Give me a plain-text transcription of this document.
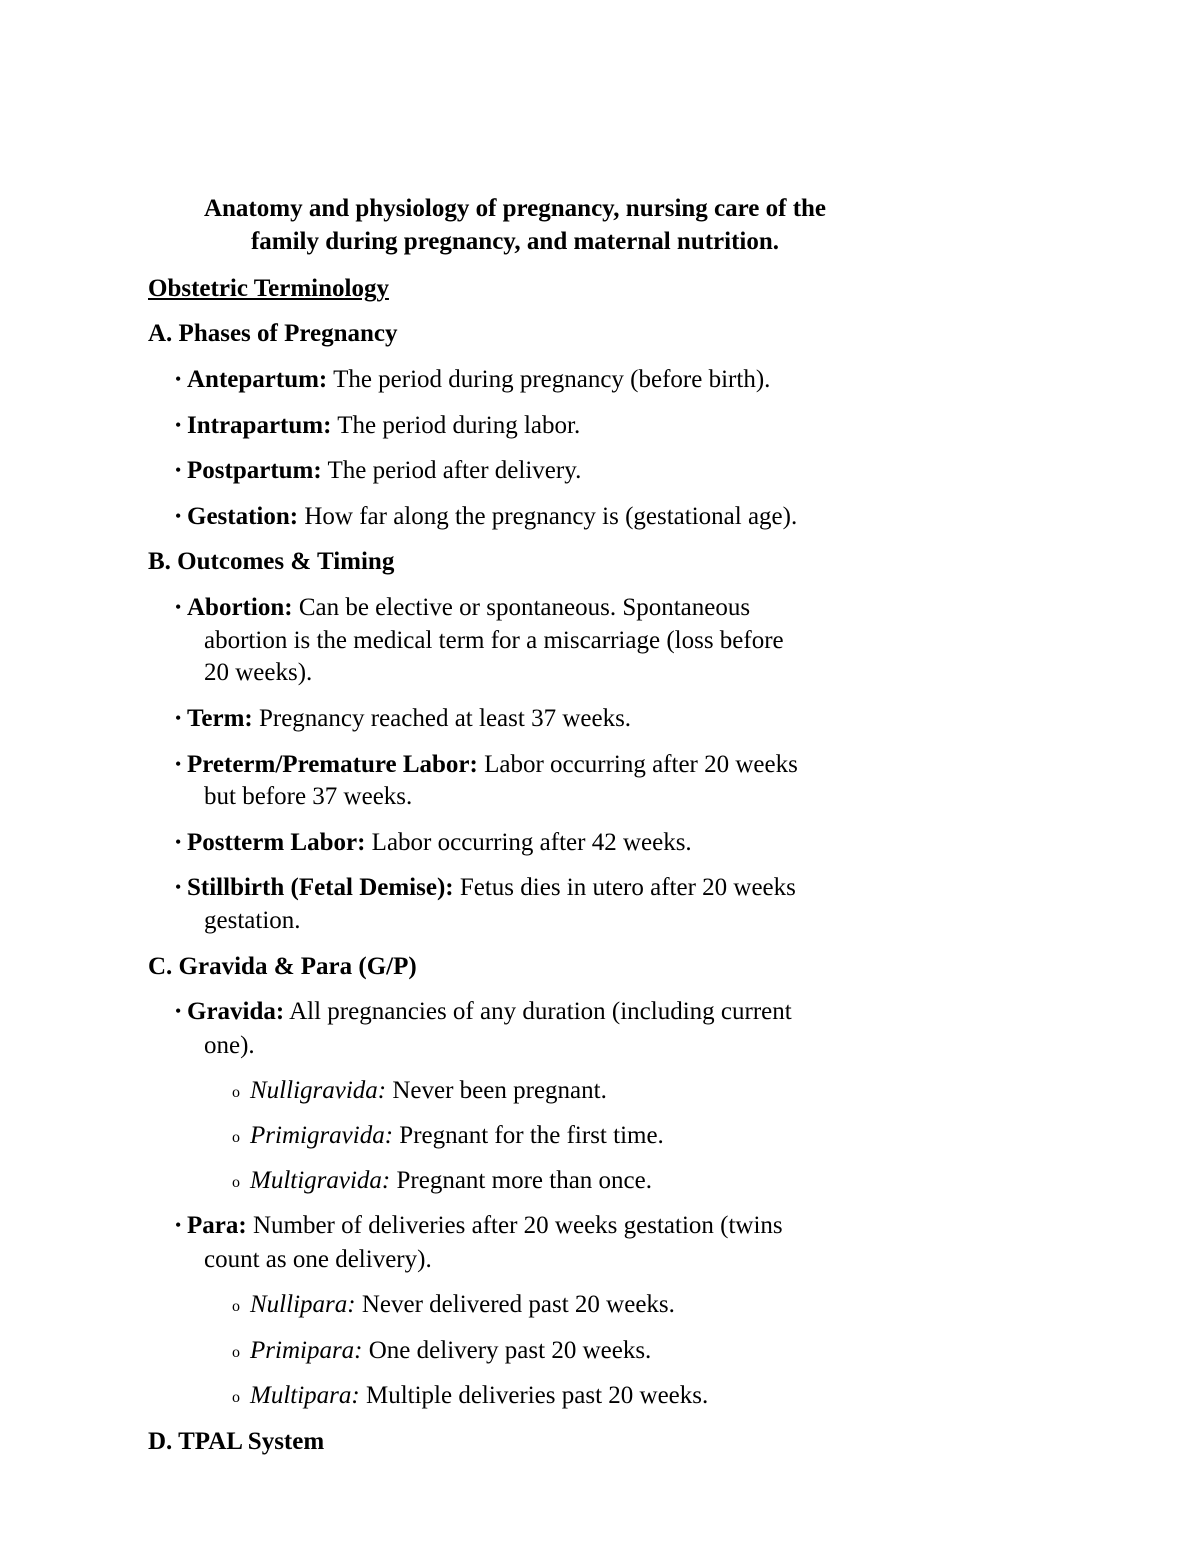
Anatomy and physiology of pregnancy, nursing care of the
family during pregnancy, and maternal nutrition.
Obstetric Terminology
A. Phases of Pregnancy
• Antepartum: The period during pregnancy (before birth).
• Intrapartum: The period during labor.
• Postpartum: The period after delivery.
• Gestation: How far along the pregnancy is (gestational age).
B. Outcomes & Timing
• Abortion: Can be elective or spontaneous. Spontaneous
abortion is the medical term for a miscarriage (loss before
20 weeks).
• Term: Pregnancy reached at least 37 weeks.
• Preterm/Premature Labor: Labor occurring after 20 weeks
but before 37 weeks.
• Postterm Labor: Labor occurring after 42 weeks.
• Stillbirth (Fetal Demise): Fetus dies in utero after 20 weeks
gestation.
C. Gravida & Para (G/P)
• Gravida: All pregnancies of any duration (including current
one).
o Nulligravida: Never been pregnant.
o Primigravida: Pregnant for the first time.
o Multigravida: Pregnant more than once.
• Para: Number of deliveries after 20 weeks gestation (twins
count as one delivery).
o Nullipara: Never delivered past 20 weeks.
o Primipara: One delivery past 20 weeks.
o Multipara: Multiple deliveries past 20 weeks.
D. TPAL System
